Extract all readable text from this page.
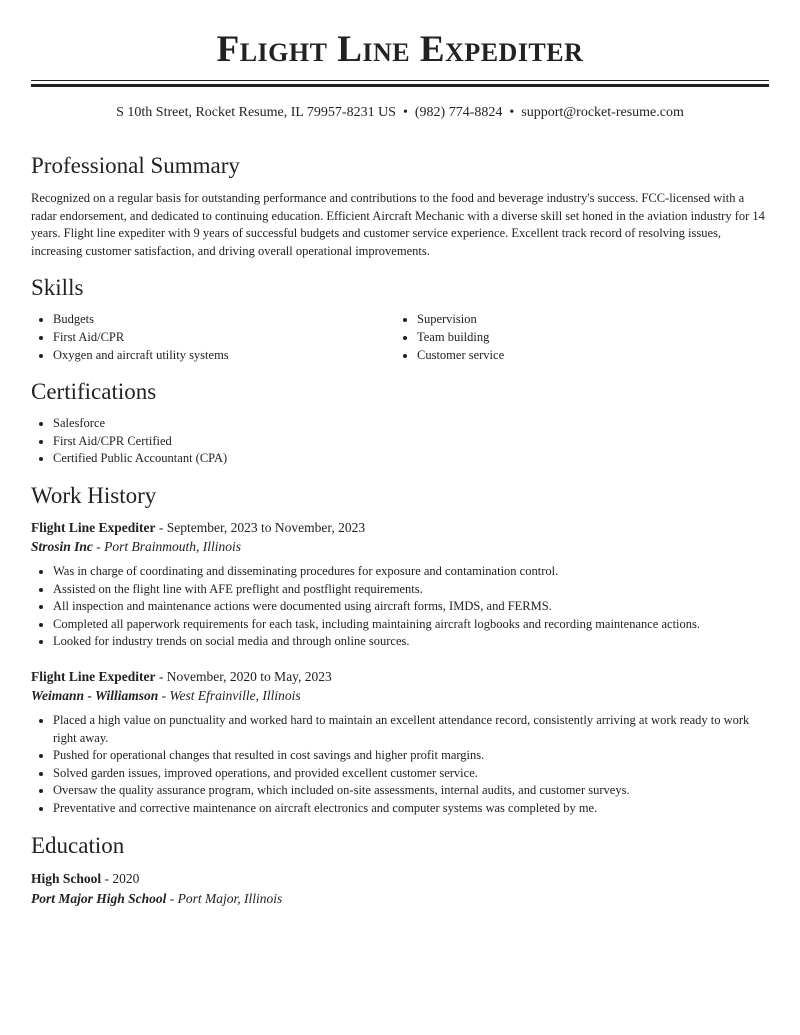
Flight Line Expediter
S 10th Street, Rocket Resume, IL 79957-8231 US • (982) 774-8824 • support@rocket-resume.com
Professional Summary

Recognized on a regular basis for outstanding performance and contributions to the food and beverage industry's success. FCC-licensed with a radar endorsement, and dedicated to continuing education. Efficient Aircraft Mechanic with a diverse skill set honed in the aviation industry for 14 years. Flight line expediter with 9 years of successful budgets and customer service experience. Excellent track record of resolving issues, increasing customer satisfaction, and driving overall operational improvements.

Skills
• Budgets
• First Aid/CPR
• Oxygen and aircraft utility systems
• Supervision
• Team building
• Customer service
Certifications
• Salesforce
• First Aid/CPR Certified
• Certified Public Accountant (CPA)
Work History

Flight Line Expediter - September, 2023 to November, 2023

Strosin Inc - Port Brainmouth, Illinois

• Was in charge of coordinating and disseminating procedures for exposure and contamination control.
• Assisted on the flight line with AFE preflight and postflight requirements.
• All inspection and maintenance actions were documented using aircraft forms, IMDS, and FERMS.
• Completed all paperwork requirements for each task, including maintaining aircraft logbooks and recording maintenance actions.
• Looked for industry trends on social media and through online sources.

Flight Line Expediter - November, 2020 to May, 2023

Weimann - Williamson - West Efrainville, Illinois

• Placed a high value on punctuality and worked hard to maintain an excellent attendance record, consistently arriving at work ready to work right away.
• Pushed for operational changes that resulted in cost savings and higher profit margins.
• Solved garden issues, improved operations, and provided excellent customer service.
• Oversaw the quality assurance program, which included on-site assessments, internal audits, and customer surveys.
• Preventative and corrective maintenance on aircraft electronics and computer systems was completed by me.
Education

High School - 2020

Port Major High School - Port Major, Illinois
